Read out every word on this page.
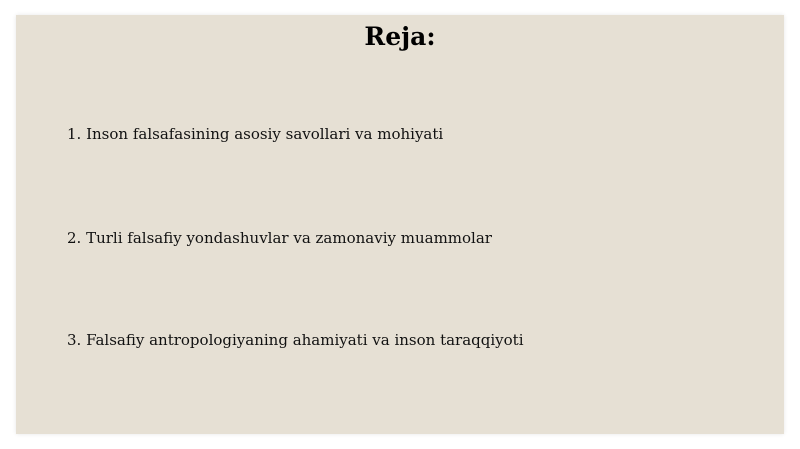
Reja:

1. Inson falsafasining asosiy savollari va mohiyati

2. Turli falsafiy yondashuvlar va zamonaviy muammolar

3. Falsafiy antropologiyaning ahamiyati va inson taraqqiyoti
